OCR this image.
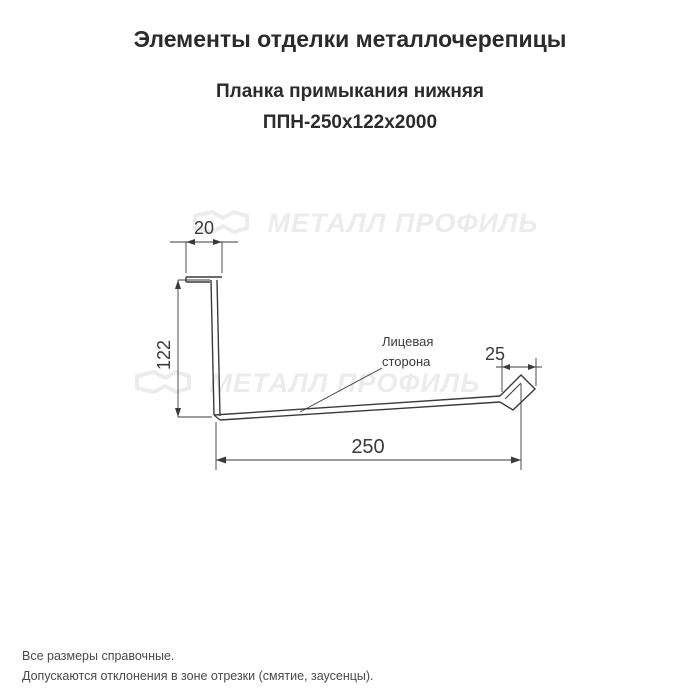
Элементы отделки металлочерепицы
Планка примыкания нижняя
ППН-250x122x2000
МЕТАЛЛ ПРОФИЛЬ
МЕТАЛЛ ПРОФИЛЬ
20
122
250
25
Лицевая
сторона
Все размеры справочные.
Допускаются отклонения в зоне отрезки (смятие, заусенцы).
